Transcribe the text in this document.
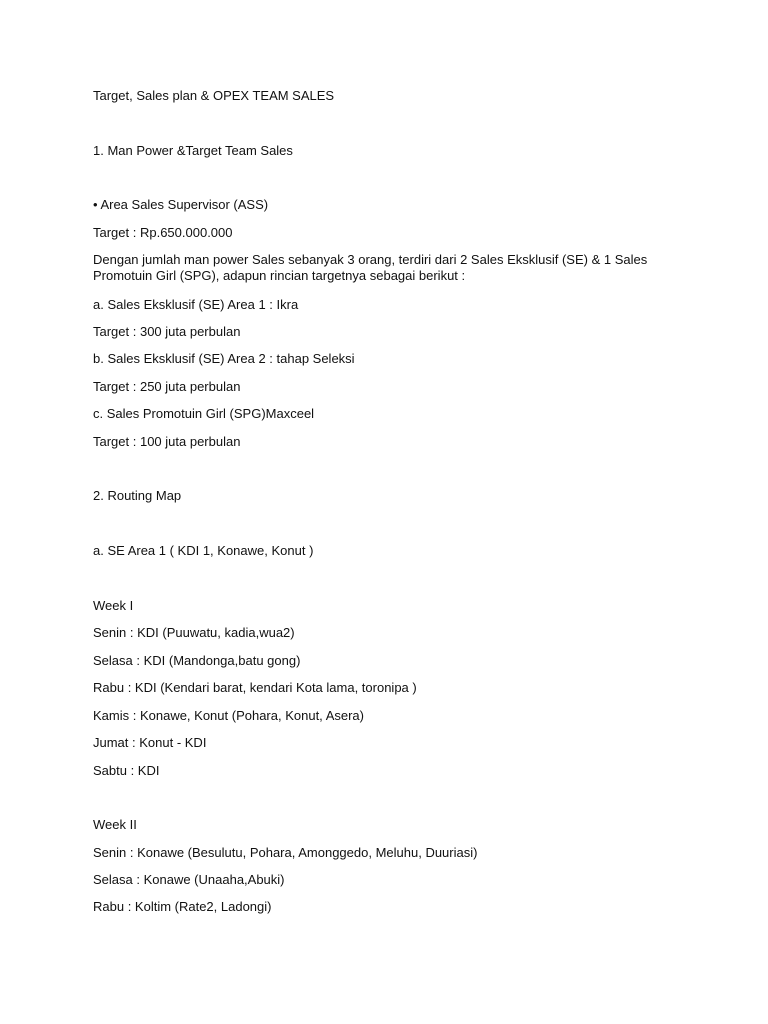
Target, Sales plan & OPEX TEAM SALES

1. Man Power &Target Team Sales

• Area Sales Supervisor (ASS)

Target : Rp.650.000.000

Dengan jumlah man power Sales sebanyak 3 orang, terdiri dari 2 Sales Eksklusif (SE) & 1 Sales Promotuin Girl (SPG), adapun rincian targetnya sebagai berikut :

a. Sales Eksklusif (SE) Area 1 : Ikra

Target : 300 juta perbulan

b. Sales Eksklusif (SE) Area 2 : tahap Seleksi

Target : 250 juta perbulan

c. Sales Promotuin Girl (SPG)Maxceel

Target : 100 juta perbulan

2. Routing Map

a. SE Area 1 ( KDI 1, Konawe, Konut )

Week I

Senin : KDI (Puuwatu, kadia,wua2)

Selasa : KDI (Mandonga,batu gong)

Rabu : KDI (Kendari barat, kendari Kota lama, toronipa )

Kamis : Konawe, Konut (Pohara, Konut, Asera)

Jumat : Konut - KDI

Sabtu : KDI

Week II

Senin : Konawe (Besulutu, Pohara, Amonggedo, Meluhu, Duuriasi)

Selasa : Konawe (Unaaha,Abuki)

Rabu : Koltim (Rate2, Ladongi)
